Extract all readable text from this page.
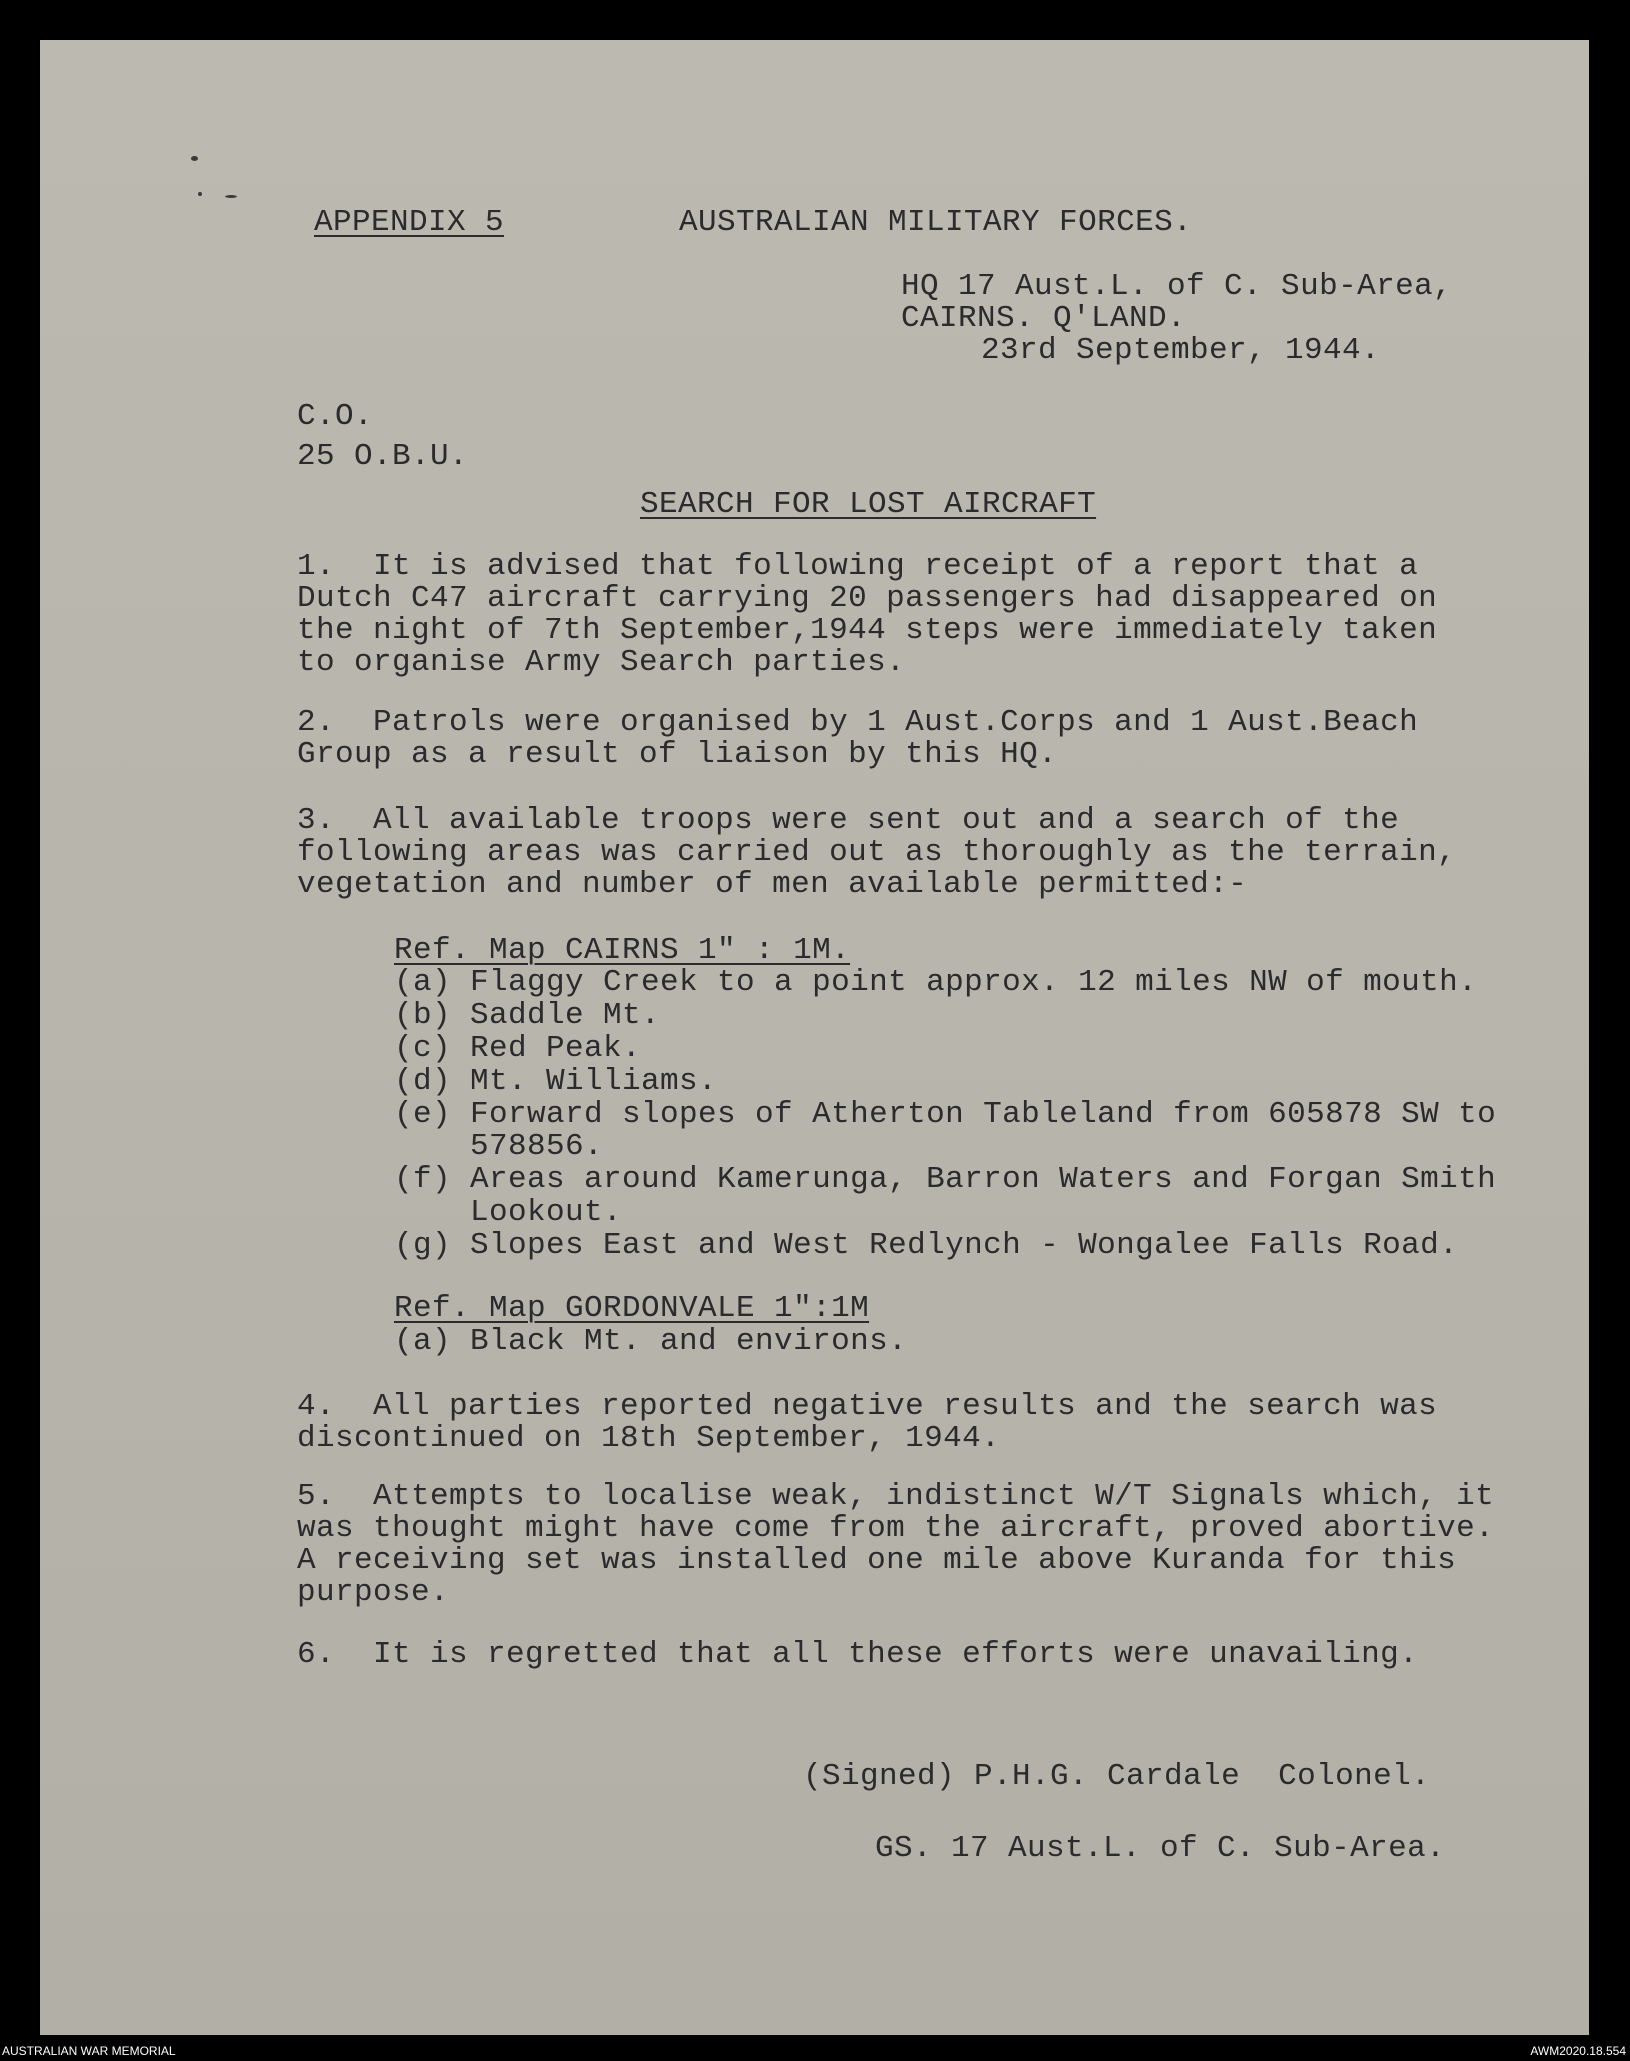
APPENDIX 5	AUSTRALIAN MILITARY FORCES.
HQ 17 Aust.L. of C. Sub-Area,
CAIRNS. Q'LAND.
23rd September, 1944.
C.O.
25 O.B.U.
SEARCH FOR LOST AIRCRAFT
1.  It is advised that following receipt of a report that a
Dutch C47 aircraft carrying 20 passengers had disappeared on
the night of 7th September,1944 steps were immediately taken
to organise Army Search parties.
2.  Patrols were organised by 1 Aust.Corps and 1 Aust.Beach
Group as a result of liaison by this HQ.
3.  All available troops were sent out and a search of the
following areas was carried out as thoroughly as the terrain,
vegetation and number of men available permitted:-
Ref. Map CAIRNS 1" : 1M.
(a) Flaggy Creek to a point approx. 12 miles NW of mouth.
(b) Saddle Mt.
(c) Red Peak.
(d) Mt. Williams.
(e) Forward slopes of Atherton Tableland from 605878 SW to
578856.
(f) Areas around Kamerunga, Barron Waters and Forgan Smith
Lookout.
(g) Slopes East and West Redlynch - Wongalee Falls Road.
Ref. Map GORDONVALE 1":1M
(a) Black Mt. and environs.
4.  All parties reported negative results and the search was
discontinued on 18th September, 1944.
5.  Attempts to localise weak, indistinct W/T Signals which, it
was thought might have come from the aircraft, proved abortive.
A receiving set was installed one mile above Kuranda for this
purpose.
6.  It is regretted that all these efforts were unavailing.
(Signed) P.H.G. Cardale  Colonel.
GS. 17 Aust.L. of C. Sub-Area.
AUSTRALIAN WAR MEMORIAL	AWM2020.18.554
